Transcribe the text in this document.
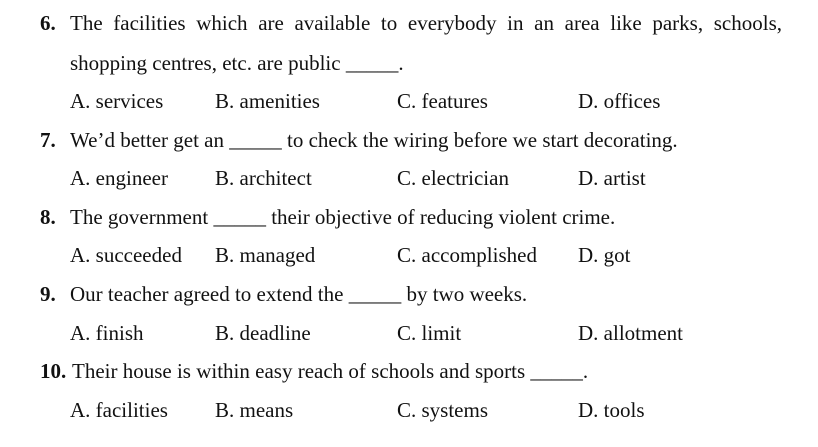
6. The facilities which are available to everybody in an area like parks, schools,
shopping centres, etc. are public _____.
A. services B. amenities	C. features	D. offices
7. We’d better get an _____ to check the wiring before we start decorating.
A. engineer B. architect	C. electrician	D. artist
8. The government _____ their objective of reducing violent crime.
A. succeeded B. managed	C. accomplished D. got
9. Our teacher agreed to extend the _____ by two weeks.
A. finish	B. deadline	C. limit	D. allotment
10. Their house is within easy reach of schools and sports _____.
A. facilities B. means	C. systems	D. tools
